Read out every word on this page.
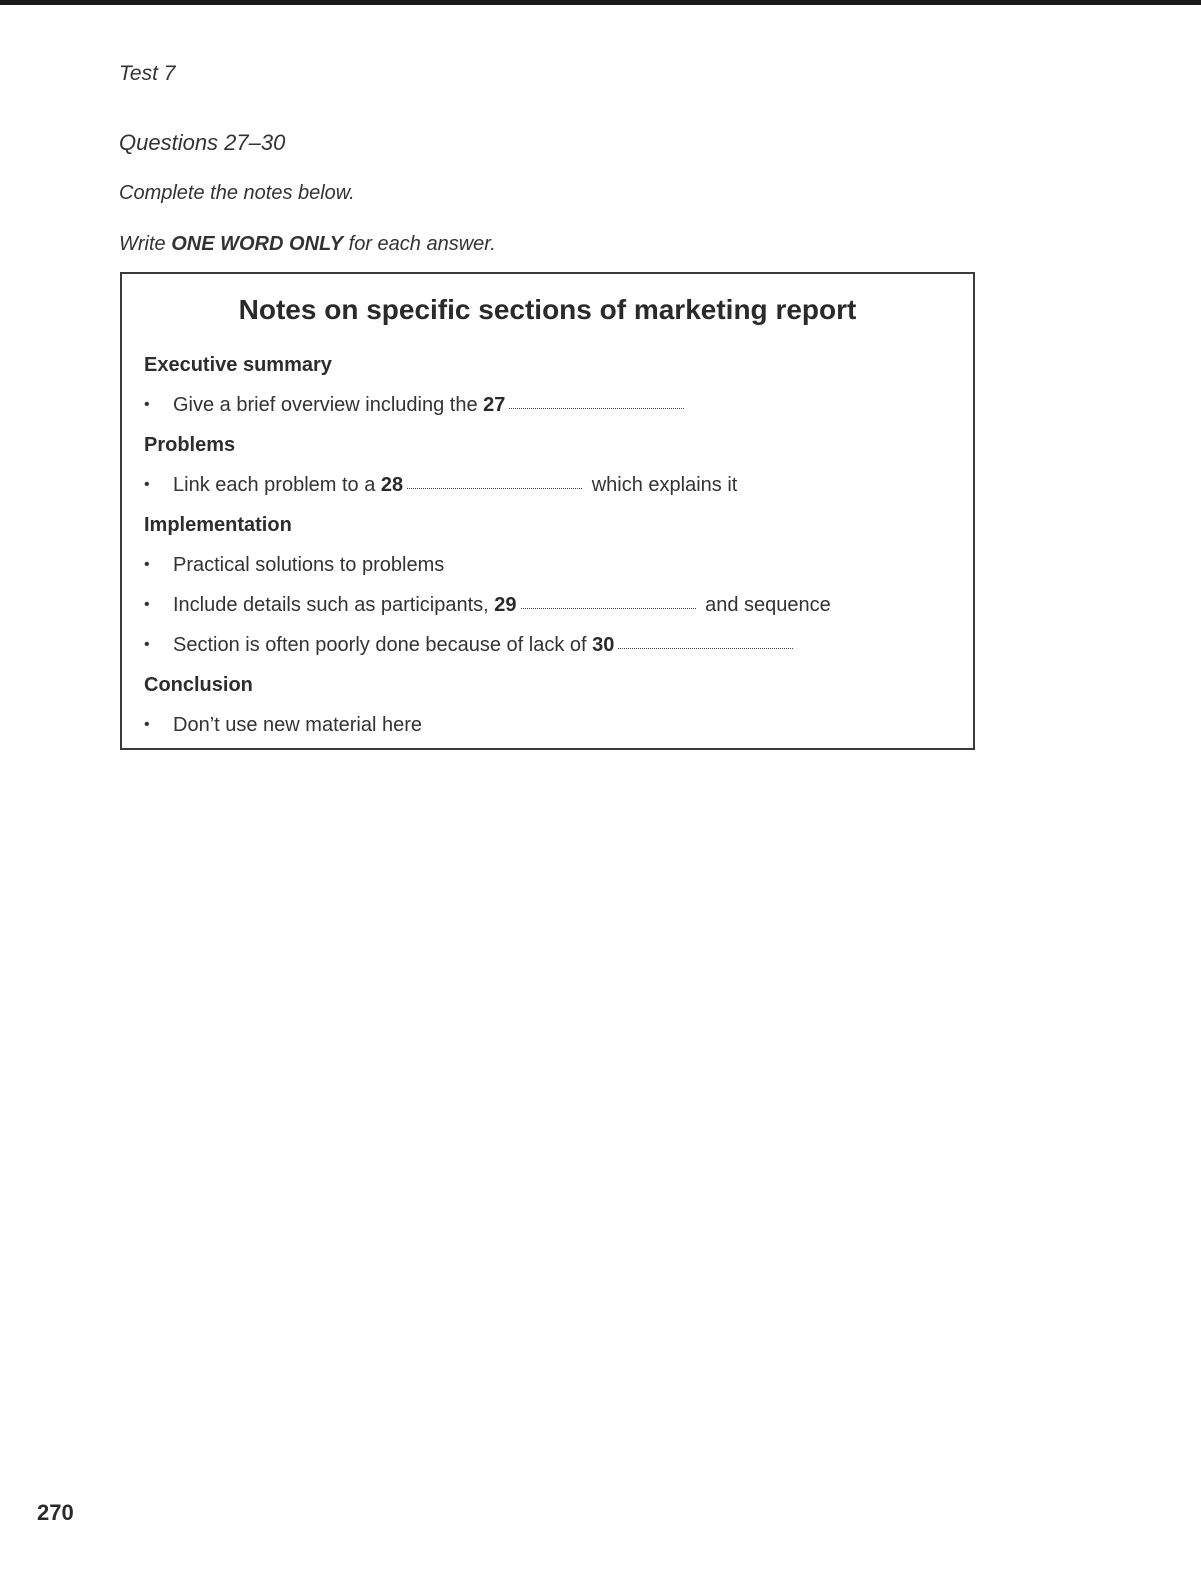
Test 7
Questions 27–30
Complete the notes below.
Write ONE WORD ONLY for each answer.
Notes on specific sections of marketing report
Executive summary
• Give a brief overview including the 27
Problems
• Link each problem to a 28	which explains it
Implementation
• Practical solutions to problems
• Include details such as participants, 29	and sequence
• Section is often poorly done because of lack of 30
Conclusion
• Don’t use new material here
270
